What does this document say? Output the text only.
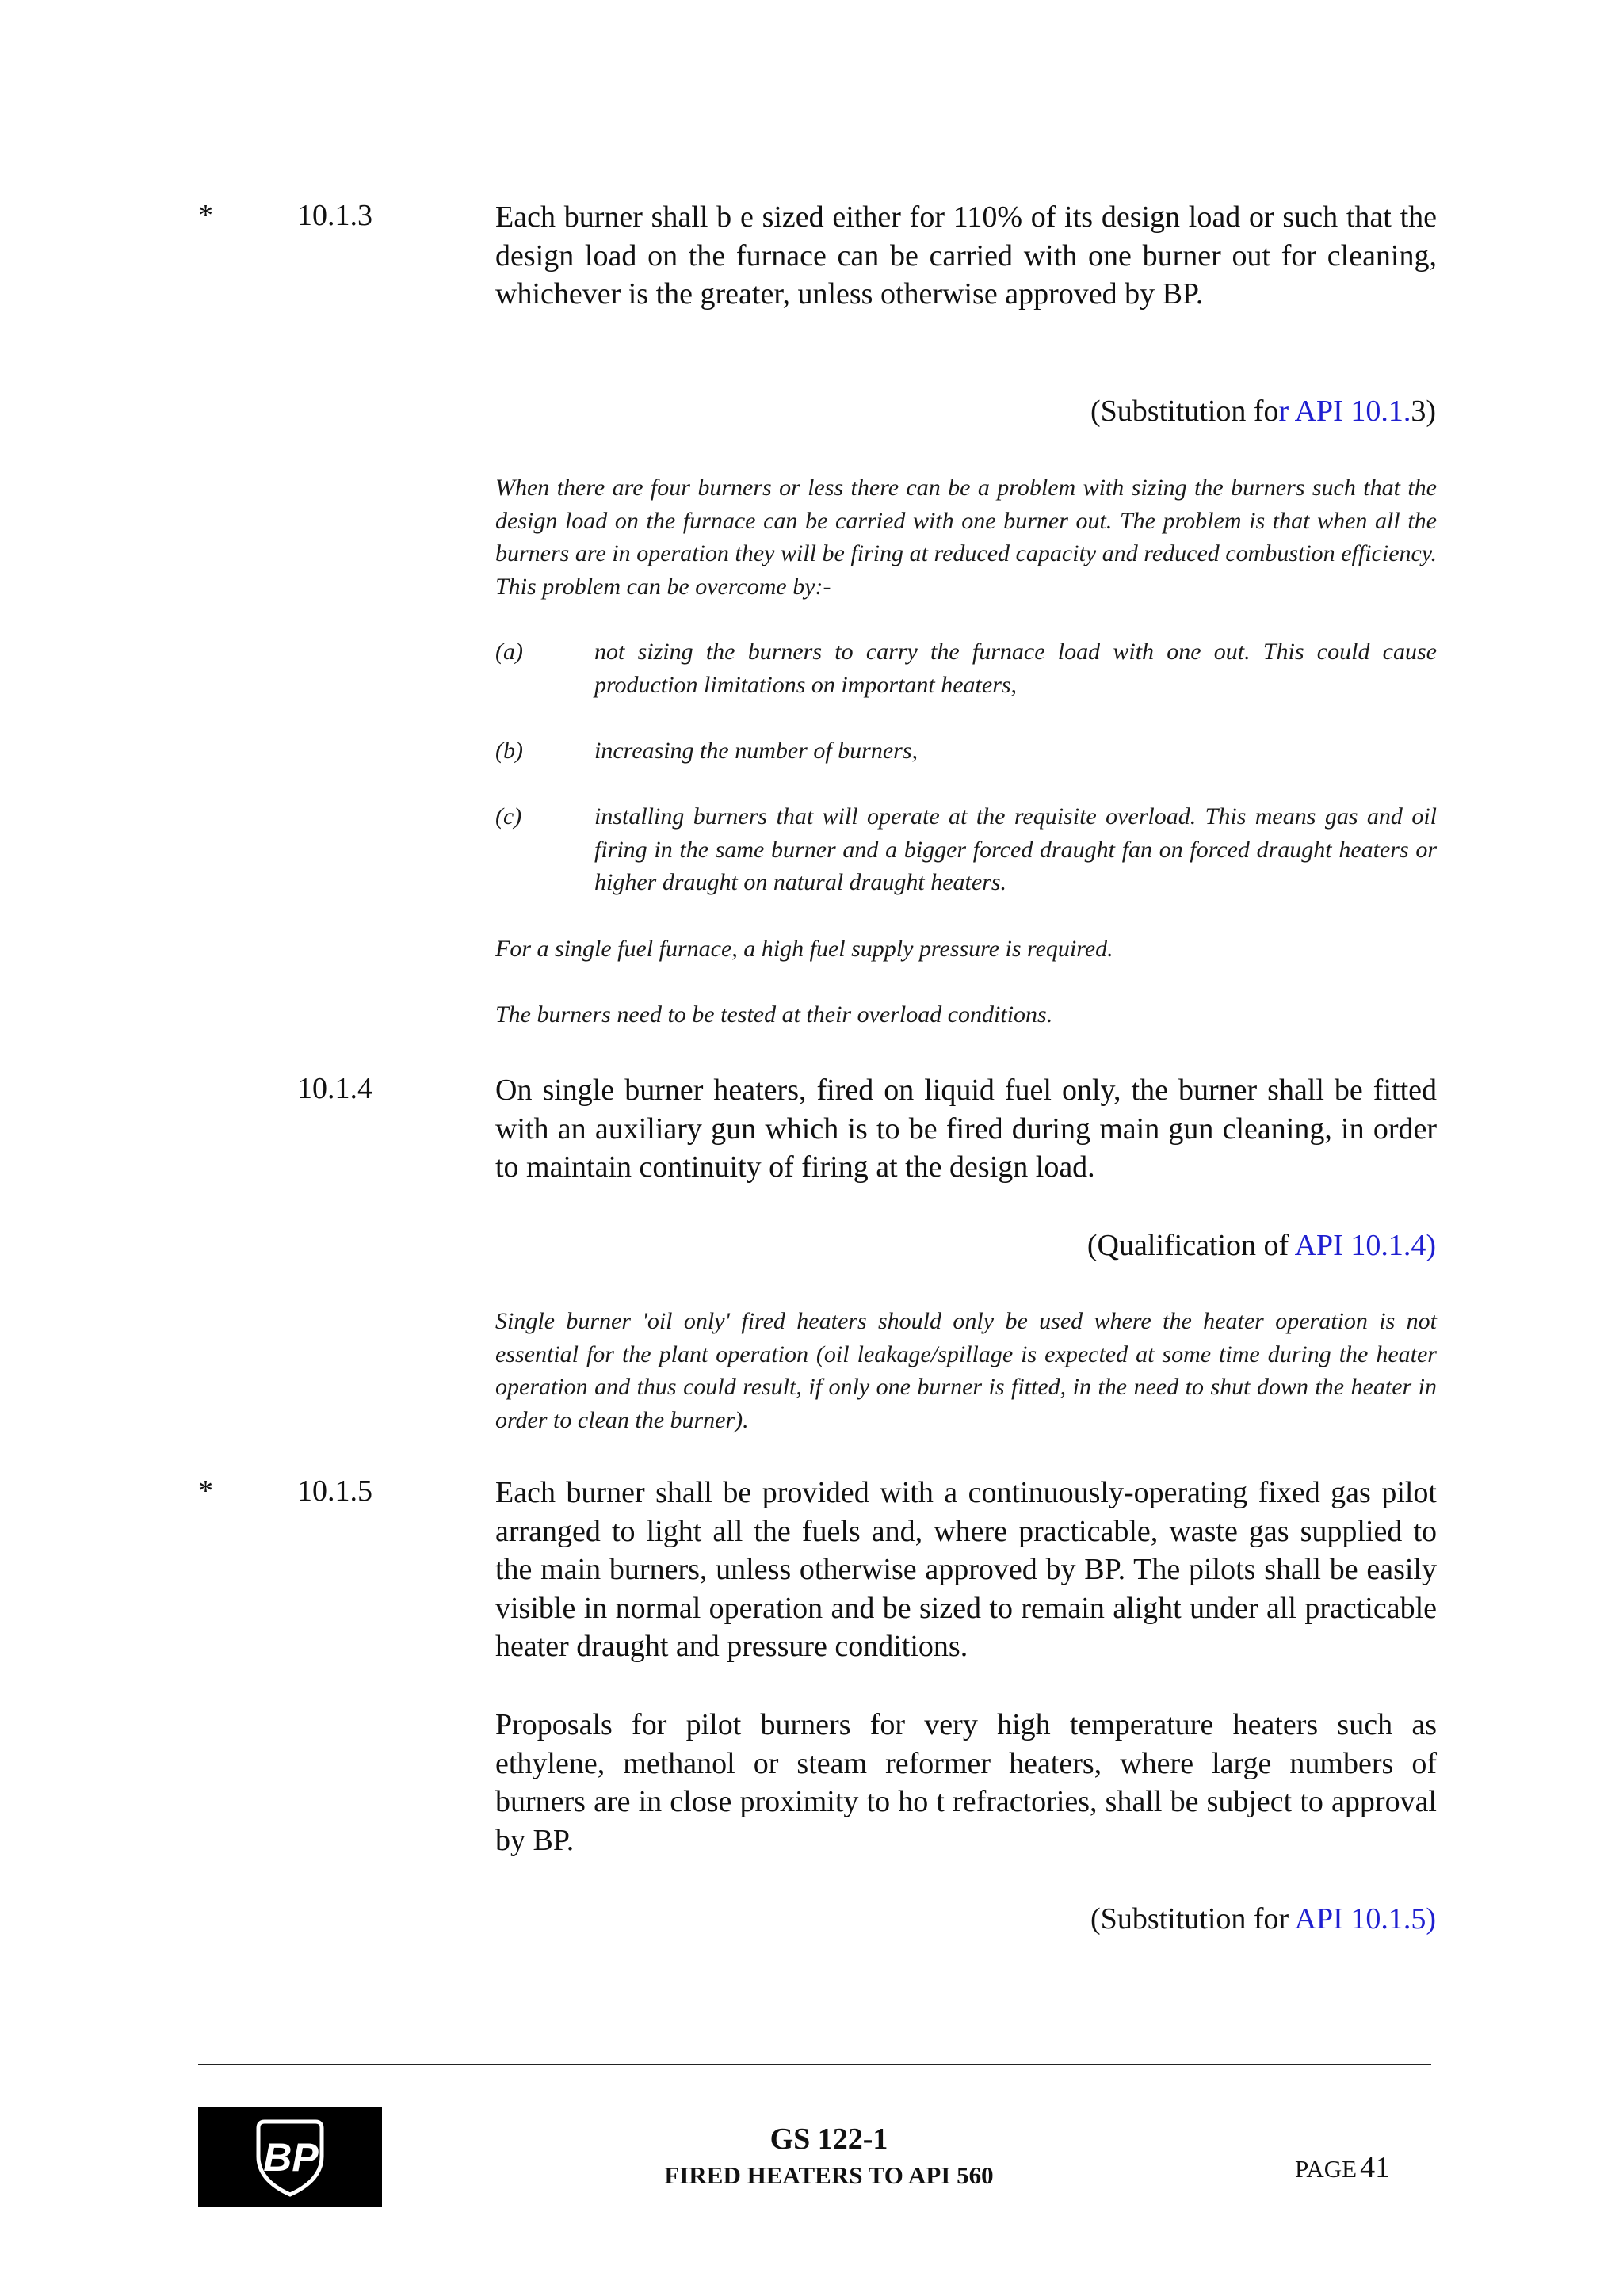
*	10.1.3	Each burner shall b e sized either for 110% of its design load or such that the design load on the furnace can be carried with one burner out for cleaning, whichever is the greater, unless otherwise approved by BP.
(Substitution for API 10.1.3)
When there are four burners or less there can be a problem with sizing the burners such that the design load on the furnace can be carried with one burner out. The problem is that when all the burners are in operation they will be firing at reduced capacity and reduced combustion efficiency. This problem can be overcome by:-
(a)	not sizing the burners to carry the furnace load with one out. This could cause production limitations on important heaters,
(b)	increasing the number of burners,
(c)	installing burners that will operate at the requisite overload. This means gas and oil firing in the same burner and a bigger forced draught fan on forced draught heaters or higher draught on natural draught heaters.
For a single fuel furnace, a high fuel supply pressure is required.
The burners need to be tested at their overload conditions.
10.1.4	On single burner heaters, fired on liquid fuel only, the burner shall be fitted with an auxiliary gun which is to be fired during main gun cleaning, in order to maintain continuity of firing at the design load.
(Qualification of API 10.1.4)
Single burner 'oil only' fired heaters should only be used where the heater operation is not essential for the plant operation (oil leakage/spillage is expected at some time during the heater operation and thus could result, if only one burner is fitted, in the need to shut down the heater in order to clean the burner).
*	10.1.5	Each burner shall be provided with a continuously-operating fixed gas pilot arranged to light all the fuels and, where practicable, waste gas supplied to the main burners, unless otherwise approved by BP. The pilots shall be easily visible in normal operation and be sized to remain alight under all practicable heater draught and pressure conditions.
Proposals for pilot burners for very high temperature heaters such as ethylene, methanol or steam reformer heaters, where large numbers of burners are in close proximity to ho t refractories, shall be subject to approval by BP.
(Substitution for API 10.1.5)
BP	GS 122-1
FIRED HEATERS TO API 560	PAGE 41
